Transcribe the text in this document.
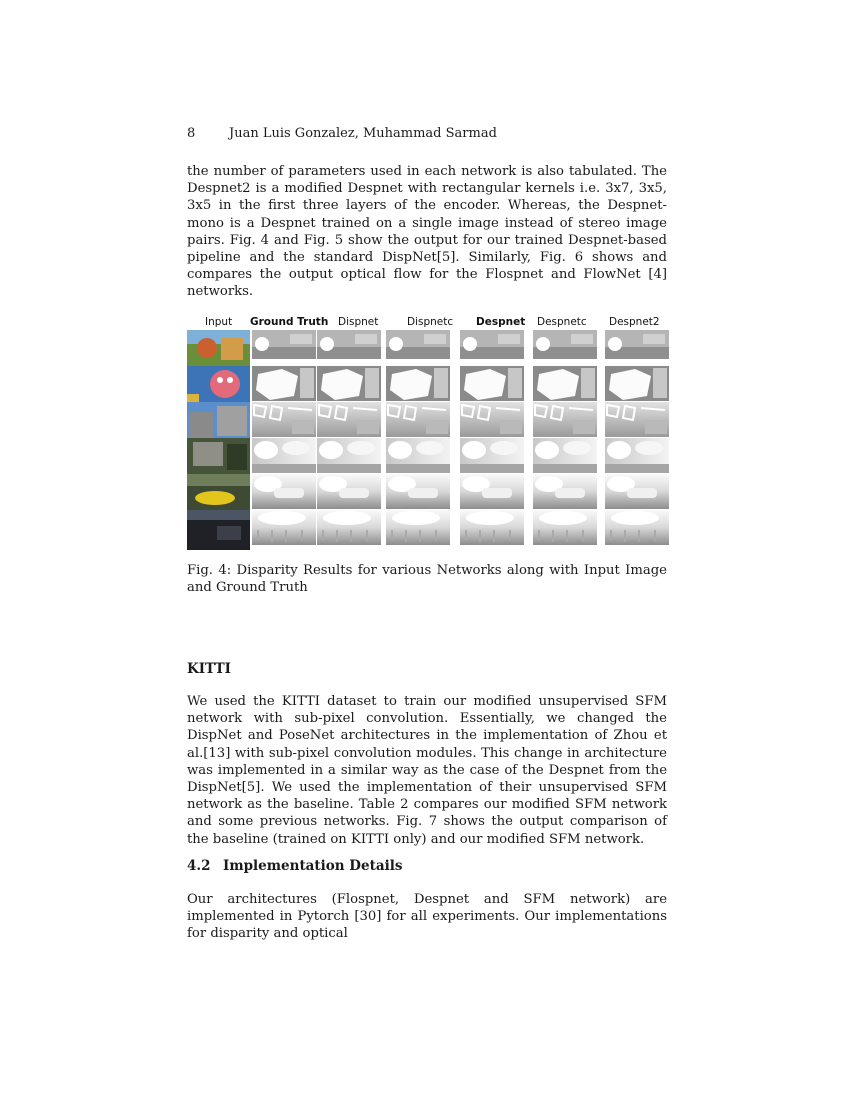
8	Juan Luis Gonzalez, Muhammad Sarmad

the number of parameters used in each network is also tabulated. The Despnet2 is a modified Despnet with rectangular kernels i.e. 3x7, 3x5, 3x5 in the first three layers of the encoder. Whereas, the Despnet-mono is a Despnet trained on a single image instead of stereo image pairs. Fig. 4 and Fig. 5 show the output for our trained Despnet-based pipeline and the standard DispNet[5]. Similarly, Fig. 6 shows and compares the output optical flow for the Flospnet and FlowNet [4] networks.

Input Ground Truth Dispnet	Dispnetc Despnet Despnetc Despnet2

Fig. 4: Disparity Results for various Networks along with Input Image and Ground Truth

KITTI

We used the KITTI dataset to train our modified unsupervised SFM network with sub-pixel convolution. Essentially, we changed the DispNet and PoseNet architectures in the implementation of Zhou et al.[13] with sub-pixel convolution modules. This change in architecture was implemented in a similar way as the case of the Despnet from the DispNet[5]. We used the implementation of their unsupervised SFM network as the baseline. Table 2 compares our modified SFM network and some previous networks. Fig. 7 shows the output comparison of the baseline (trained on KITTI only) and our modified SFM network.

4.2 Implementation Details

Our architectures (Flospnet, Despnet and SFM network) are implemented in Pytorch [30] for all experiments. Our implementations for disparity and optical
